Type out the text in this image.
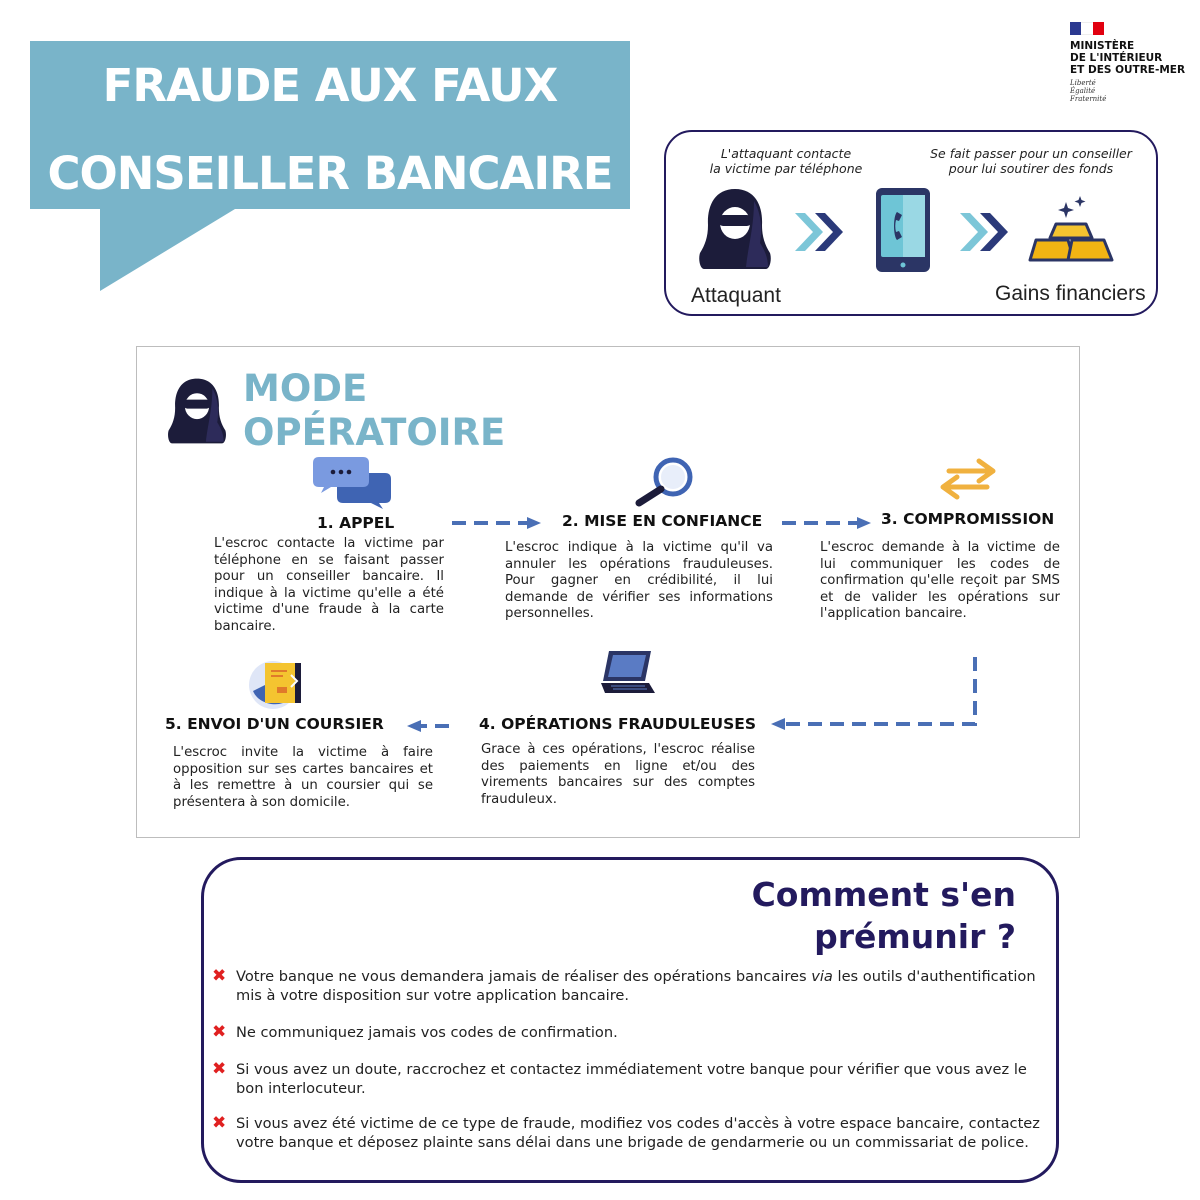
FRAUDE AUX FAUX
CONSEILLER BANCAIRE
MINISTÈRE
DE L'INTÉRIEUR
ET DES OUTRE-MER
Liberté
Égalité
Fraternité
L'attaquant contacte
la victime par téléphone
Se fait passer pour un conseiller
pour lui soutirer des fonds
Attaquant	Gains financiers
MODE
OPÉRATOIRE
1. APPEL
L'escroc contacte la victime par téléphone en se faisant passer pour un conseiller bancaire. Il indique à la victime qu'elle a été victime d'une fraude à la carte bancaire.
2. MISE EN CONFIANCE
L'escroc indique à la victime qu'il va annuler les opérations frauduleuses. Pour gagner en crédibilité, il lui demande de vérifier ses informations personnelles.
3. COMPROMISSION
L'escroc demande à la victime de lui communiquer les codes de confirmation qu'elle reçoit par SMS et de valider les opérations sur l'application bancaire.
4. OPÉRATIONS FRAUDULEUSES
Grace à ces opérations, l'escroc réalise des paiements en ligne et/ou des virements bancaires sur des comptes frauduleux.
5. ENVOI D'UN COURSIER
L'escroc invite la victime à faire opposition sur ses cartes bancaires et à les remettre à un coursier qui se présentera à son domicile.
Comment s'en
prémunir ?
✖ Votre banque ne vous demandera jamais de réaliser des opérations bancaires via les outils d'authentification mis à votre disposition sur votre application bancaire.
✖ Ne communiquez jamais vos codes de confirmation.
✖ Si vous avez un doute, raccrochez et contactez immédiatement votre banque pour vérifier que vous avez le bon interlocuteur.
✖ Si vous avez été victime de ce type de fraude, modifiez vos codes d'accès à votre espace bancaire, contactez votre banque et déposez plainte sans délai dans une brigade de gendarmerie ou un commissariat de police.
